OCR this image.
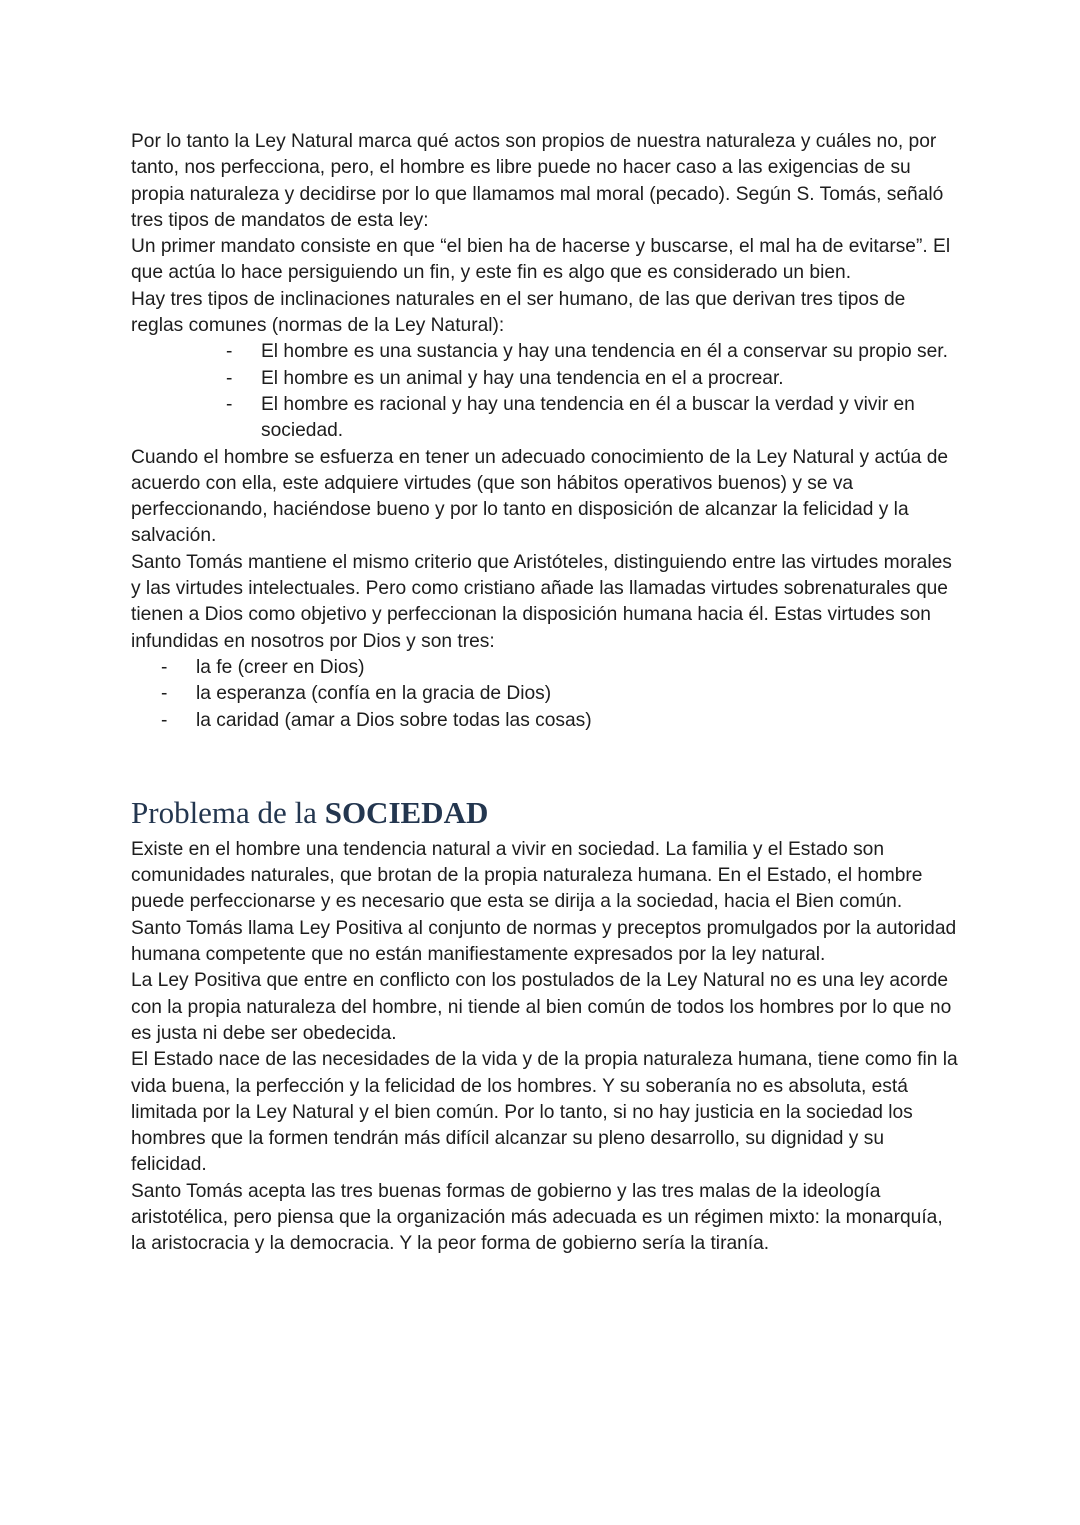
Por lo tanto la Ley Natural marca qué actos son propios de nuestra naturaleza y cuáles no, por tanto, nos perfecciona, pero, el hombre es libre puede no hacer caso a las exigencias de su propia naturaleza y decidirse por lo que llamamos mal moral (pecado). Según S. Tomás, señaló tres tipos de mandatos de esta ley:

Un primer mandato consiste en que “el bien ha de hacerse y buscarse, el mal ha de evitarse”. El que actúa lo hace persiguiendo un fin, y este fin es algo que es considerado un bien.

Hay tres tipos de inclinaciones naturales en el ser humano, de las que derivan tres tipos de reglas comunes (normas de la Ley Natural):

- El hombre es una sustancia y hay una tendencia en él a conservar su propio ser.
- El hombre es un animal y hay una tendencia en el a procrear.
- El hombre es racional y hay una tendencia en él a buscar la verdad y vivir en sociedad.

Cuando el hombre se esfuerza en tener un adecuado conocimiento de la Ley Natural y actúa de acuerdo con ella, este adquiere virtudes (que son hábitos operativos buenos) y se va perfeccionando, haciéndose bueno y por lo tanto en disposición de alcanzar la felicidad y la salvación.

Santo Tomás mantiene el mismo criterio que Aristóteles, distinguiendo entre las virtudes morales y las virtudes intelectuales. Pero como cristiano añade las llamadas virtudes sobrenaturales que tienen a Dios como objetivo y perfeccionan la disposición humana hacia él. Estas virtudes son infundidas en nosotros por Dios y son tres:

- la fe (creer en Dios)
- la esperanza (confía en la gracia de Dios)
- la caridad (amar a Dios sobre todas las cosas)
Problema de la SOCIEDAD

Existe en el hombre una tendencia natural a vivir en sociedad. La familia y el Estado son comunidades naturales, que brotan de la propia naturaleza humana. En el Estado, el hombre puede perfeccionarse y es necesario que esta se dirija a la sociedad, hacia el Bien común.

Santo Tomás llama Ley Positiva al conjunto de normas y preceptos promulgados por la autoridad humana competente que no están manifiestamente expresados por la ley natural.

La Ley Positiva que entre en conflicto con los postulados de la Ley Natural no es una ley acorde con la propia naturaleza del hombre, ni tiende al bien común de todos los hombres por lo que no es justa ni debe ser obedecida.

El Estado nace de las necesidades de la vida y de la propia naturaleza humana, tiene como fin la vida buena, la perfección y la felicidad de los hombres. Y su soberanía no es absoluta, está limitada por la Ley Natural y el bien común. Por lo tanto, si no hay justicia en la sociedad los hombres que la formen tendrán más difícil alcanzar su pleno desarrollo, su dignidad y su felicidad.

Santo Tomás acepta las tres buenas formas de gobierno y las tres malas de la ideología aristotélica, pero piensa que la organización más adecuada es un régimen mixto: la monarquía, la aristocracia y la democracia. Y la peor forma de gobierno sería la tiranía.
